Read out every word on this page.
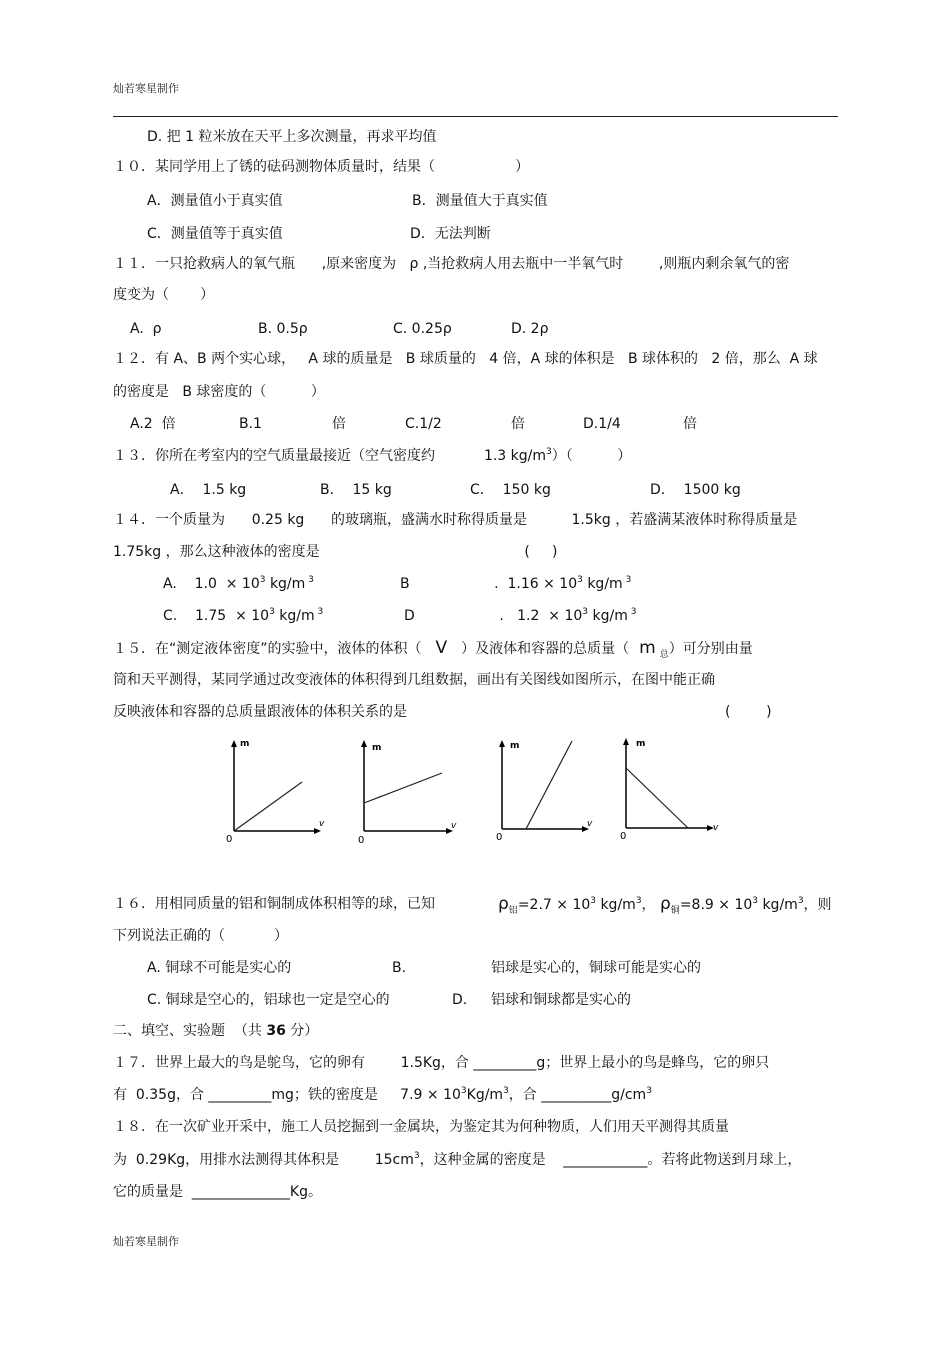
灿若寒星制作
D. 把 1 粒米放在天平上多次测量，再求平均值
１０．某同学用上了锈的砝码测物体质量时，结果（                  ）
A．测量值小于真实值	B．测量值大于真实值
C．测量值等于真实值	D．无法判断
１１．一只抢救病人的氧气瓶      ,原来密度为   ρ ,当抢救病人用去瓶中一半氧气时        ,则瓶内剩余氧气的密
度变为（       ）
A.  ρ	B. 0.5ρ	C. 0.25ρ	D. 2ρ
１２．有 A、B 两个实心球，   A 球的质量是   B 球质量的   4 倍，A 球的体积是   B 球体积的   2 倍，那么  A 球
的密度是   B 球密度的（          ）
A.2  倍	B.1	倍	C.1/2	倍	D.1/4	倍
１３．你所在考室内的空气质量最接近（空气密度约           1.3 $kg/m^3$）（          ）
A．  1.5 kg	B．  15 kg	C．  150 kg	D．  1500 kg
１４．一个质量为      0.25 kg      的玻璃瓶，盛满水时称得质量是          1.5kg ，若盛满某液体时称得质量是
1.75kg ，那么这种液体的密度是                                              (     )
A.    $1.0 \times 10^3$ kg/m $^3$	B                   .  $1.16 \times 10^3$ kg/m $^3$
C.    $1.75 \times 10^3$ kg/m $^3$	D                   .   $1.2 \times 10^3$ kg/m $^3$
１５．在“测定液体密度”的实验中，液体的体积（ V ）及液体和容器的总质量（ m $_总$）可分别由量
筒和天平测得，某同学通过改变液体的体积得到几组数据，画出有关图线如图所示，在图中能正确
反映液体和容器的总质量跟液体的体积关系的是	(        )
m
v
0
m
v
0
m
v
0
m
v
0
１６．用相同质量的铝和铜制成体积相等的球，已知	$\rho_铝=2.7 \times 10^3$ $kg/m^3$， $\rho_铜=8.9 \times 10^3$ $kg/m^3$，则
下列说法正确的（           ）
A. 铜球不可能是实心的	B.	铝球是实心的，铜球可能是实心的
C. 铜球是空心的，铝球也一定是空心的	D. 铝球和铜球都是实心的
二、填空、实验题  （共 36 分）
１７．世界上最大的鸟是鸵鸟，它的卵有        1.5Kg，合 _________g；世界上最小的鸟是蜂鸟，它的卵只
有  0.35g，合 _________mg；铁的密度是     $7.9 \times 10^3Kg/m^3$，合 $\_\_\_\_\_\_\_\_\_\_g/cm^3$
１８．在一次矿业开采中，施工人员挖掘到一金属块，为鉴定其为何种物质，人们用天平测得其质量
为  0.29Kg，用排水法测得其体积是        $15cm^3$，这种金属的密度是    ____________。若将此物送到月球上，
它的质量是  ______________Kg。
灿若寒星制作
